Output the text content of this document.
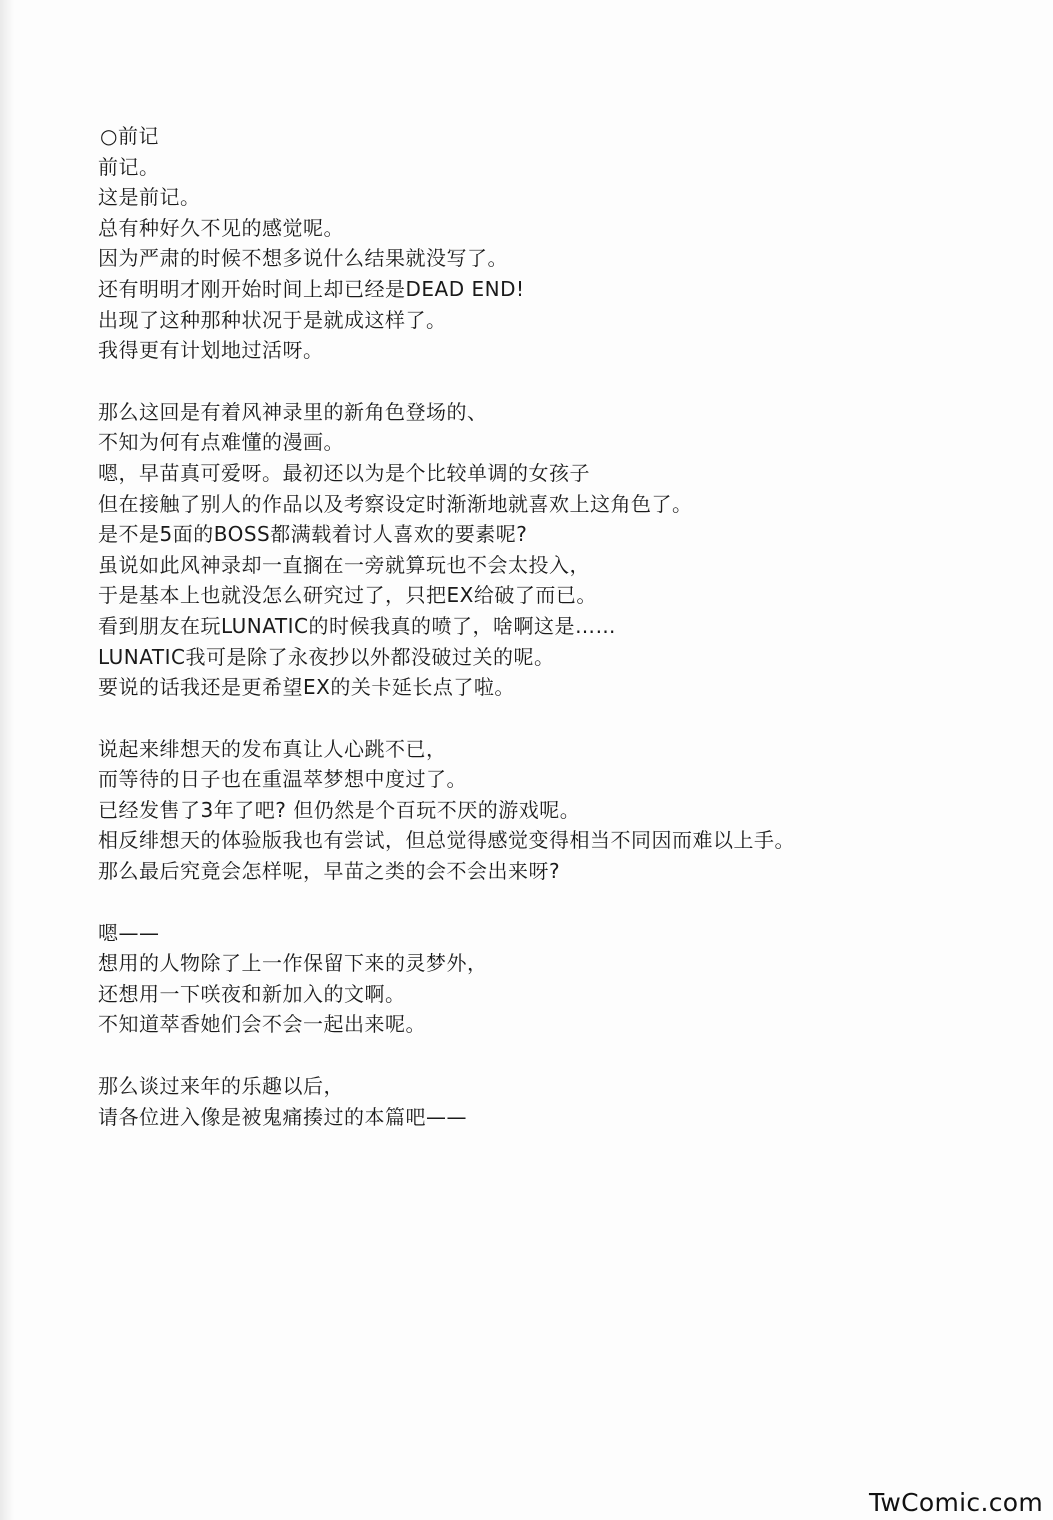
○前记
前记。
这是前记。
总有种好久不见的感觉呢。
因为严肃的时候不想多说什么结果就没写了。
还有明明才刚开始时间上却已经是DEAD END!
出现了这种那种状况于是就成这样了。
我得更有计划地过活呀。
那么这回是有着风神录里的新角色登场的、
不知为何有点难懂的漫画。
嗯，早苗真可爱呀。最初还以为是个比较单调的女孩子
但在接触了别人的作品以及考察设定时渐渐地就喜欢上这角色了。
是不是5面的BOSS都满载着讨人喜欢的要素呢?
虽说如此风神录却一直搁在一旁就算玩也不会太投入，
于是基本上也就没怎么研究过了，只把EX给破了而已。
看到朋友在玩LUNATIC的时候我真的喷了，啥啊这是……
LUNATIC我可是除了永夜抄以外都没破过关的呢。
要说的话我还是更希望EX的关卡延长点了啦。
说起来绯想天的发布真让人心跳不已，
而等待的日子也在重温萃梦想中度过了。
已经发售了3年了吧? 但仍然是个百玩不厌的游戏呢。
相反绯想天的体验版我也有尝试，但总觉得感觉变得相当不同因而难以上手。
那么最后究竟会怎样呢，早苗之类的会不会出来呀?
嗯——
想用的人物除了上一作保留下来的灵梦外，
还想用一下咲夜和新加入的文啊。
不知道萃香她们会不会一起出来呢。
那么谈过来年的乐趣以后，
请各位进入像是被鬼痛揍过的本篇吧——
TwComic.com
